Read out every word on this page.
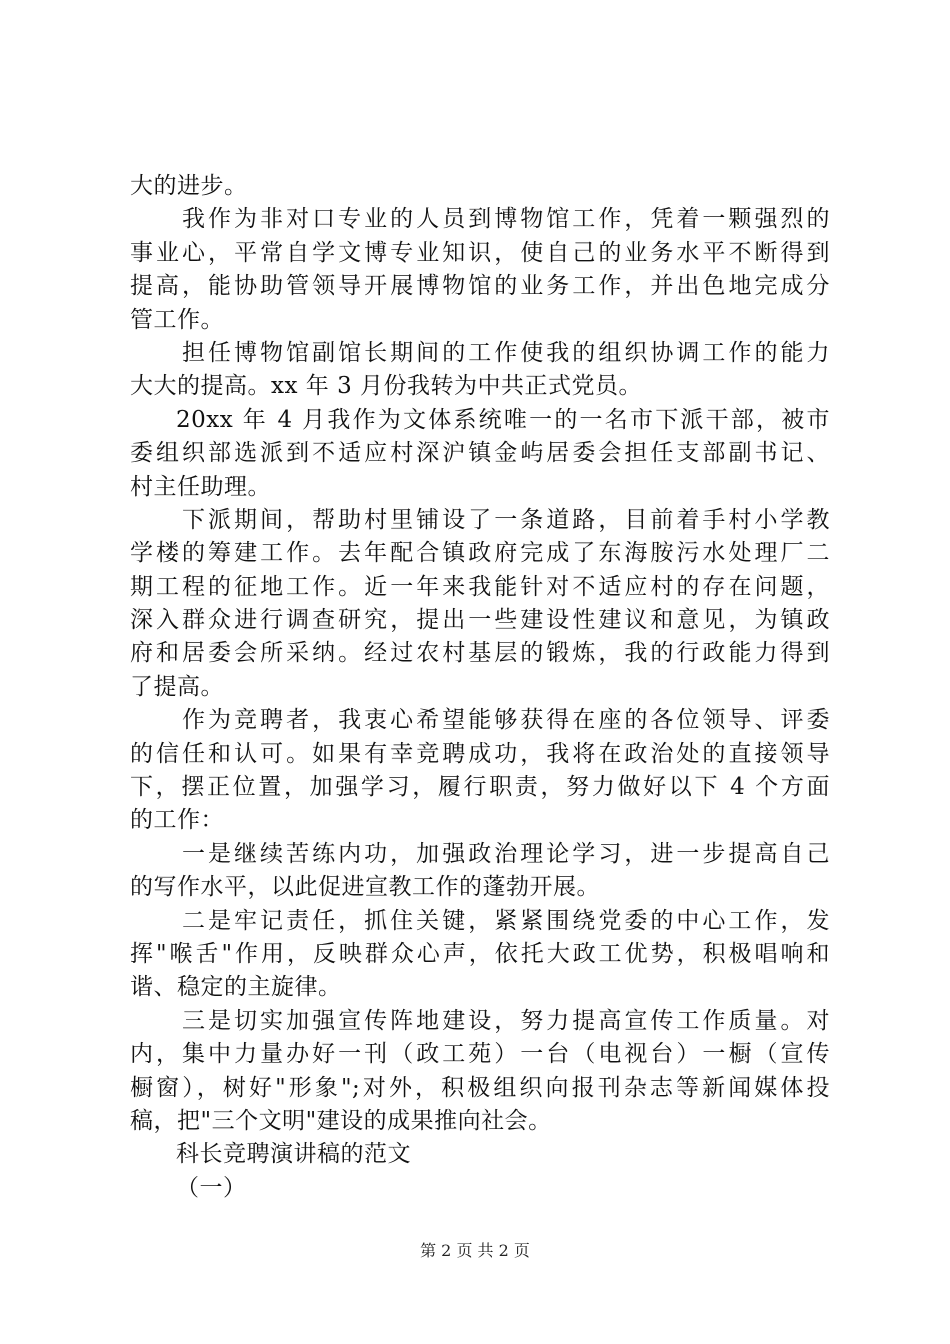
大的进步。
我作为非对口专业的人员到博物馆工作，凭着一颗强烈的
事业心，平常自学文博专业知识，使自己的业务水平不断得到
提高，能协助管领导开展博物馆的业务工作，并出色地完成分
管工作。
担任博物馆副馆长期间的工作使我的组织协调工作的能力
大大的提高。xx 年 3 月份我转为中共正式党员。
20xx 年 4 月我作为文体系统唯一的一名市下派干部，被市
委组织部选派到不适应村深沪镇金屿居委会担任支部副书记、
村主任助理。
下派期间，帮助村里铺设了一条道路，目前着手村小学教
学楼的筹建工作。去年配合镇政府完成了东海胺污水处理厂二
期工程的征地工作。近一年来我能针对不适应村的存在问题，
深入群众进行调查研究，提出一些建设性建议和意见，为镇政
府和居委会所采纳。经过农村基层的锻炼，我的行政能力得到
了提高。
作为竞聘者，我衷心希望能够获得在座的各位领导、评委
的信任和认可。如果有幸竞聘成功，我将在政治处的直接领导
下，摆正位置，加强学习，履行职责，努力做好以下 4 个方面
的工作：
一是继续苦练内功，加强政治理论学习，进一步提高自己
的写作水平，以此促进宣教工作的蓬勃开展。
二是牢记责任，抓住关键，紧紧围绕党委的中心工作，发
挥"喉舌"作用，反映群众心声，依托大政工优势，积极唱响和
谐、稳定的主旋律。
三是切实加强宣传阵地建设，努力提高宣传工作质量。对
内，集中力量办好一刊（政工苑）一台（电视台）一橱（宣传
橱窗），树好"形象";对外，积极组织向报刊杂志等新闻媒体投
稿，把"三个文明"建设的成果推向社会。
科长竞聘演讲稿的范文
（一）
第 2 页 共 2 页
